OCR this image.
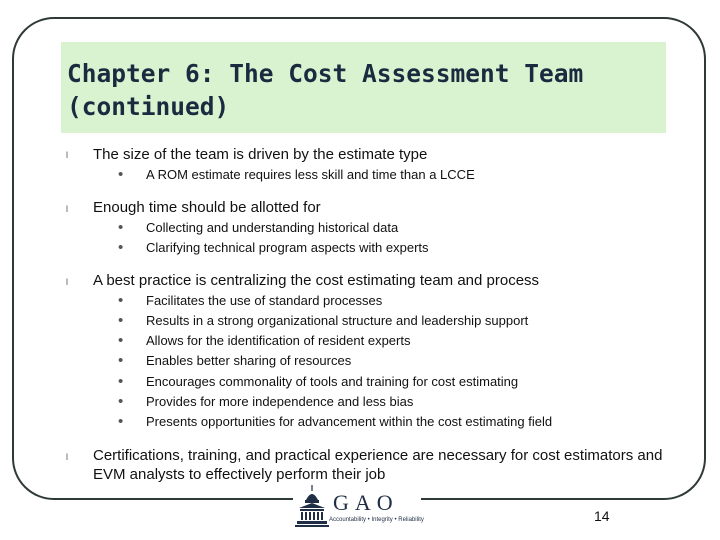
Chapter 6: The Cost Assessment Team (continued)
l The size of the team is driven by the estimate type
• A ROM estimate requires less skill and time than a LCCE
l Enough time should be allotted for
• Collecting and understanding historical data
• Clarifying technical program aspects with experts
l A best practice is centralizing the cost estimating team and process
• Facilitates the use of standard processes
• Results in a strong organizational structure and leadership support
• Allows for the identification of resident experts
• Enables better sharing of resources
• Encourages commonality of tools and training for cost estimating
• Provides for more independence and less bias
• Presents opportunities for advancement within the cost estimating field
l Certifications, training, and practical experience are necessary for cost estimators and EVM analysts to effectively perform their job
GAO
Accountability • Integrity • Reliability	14
